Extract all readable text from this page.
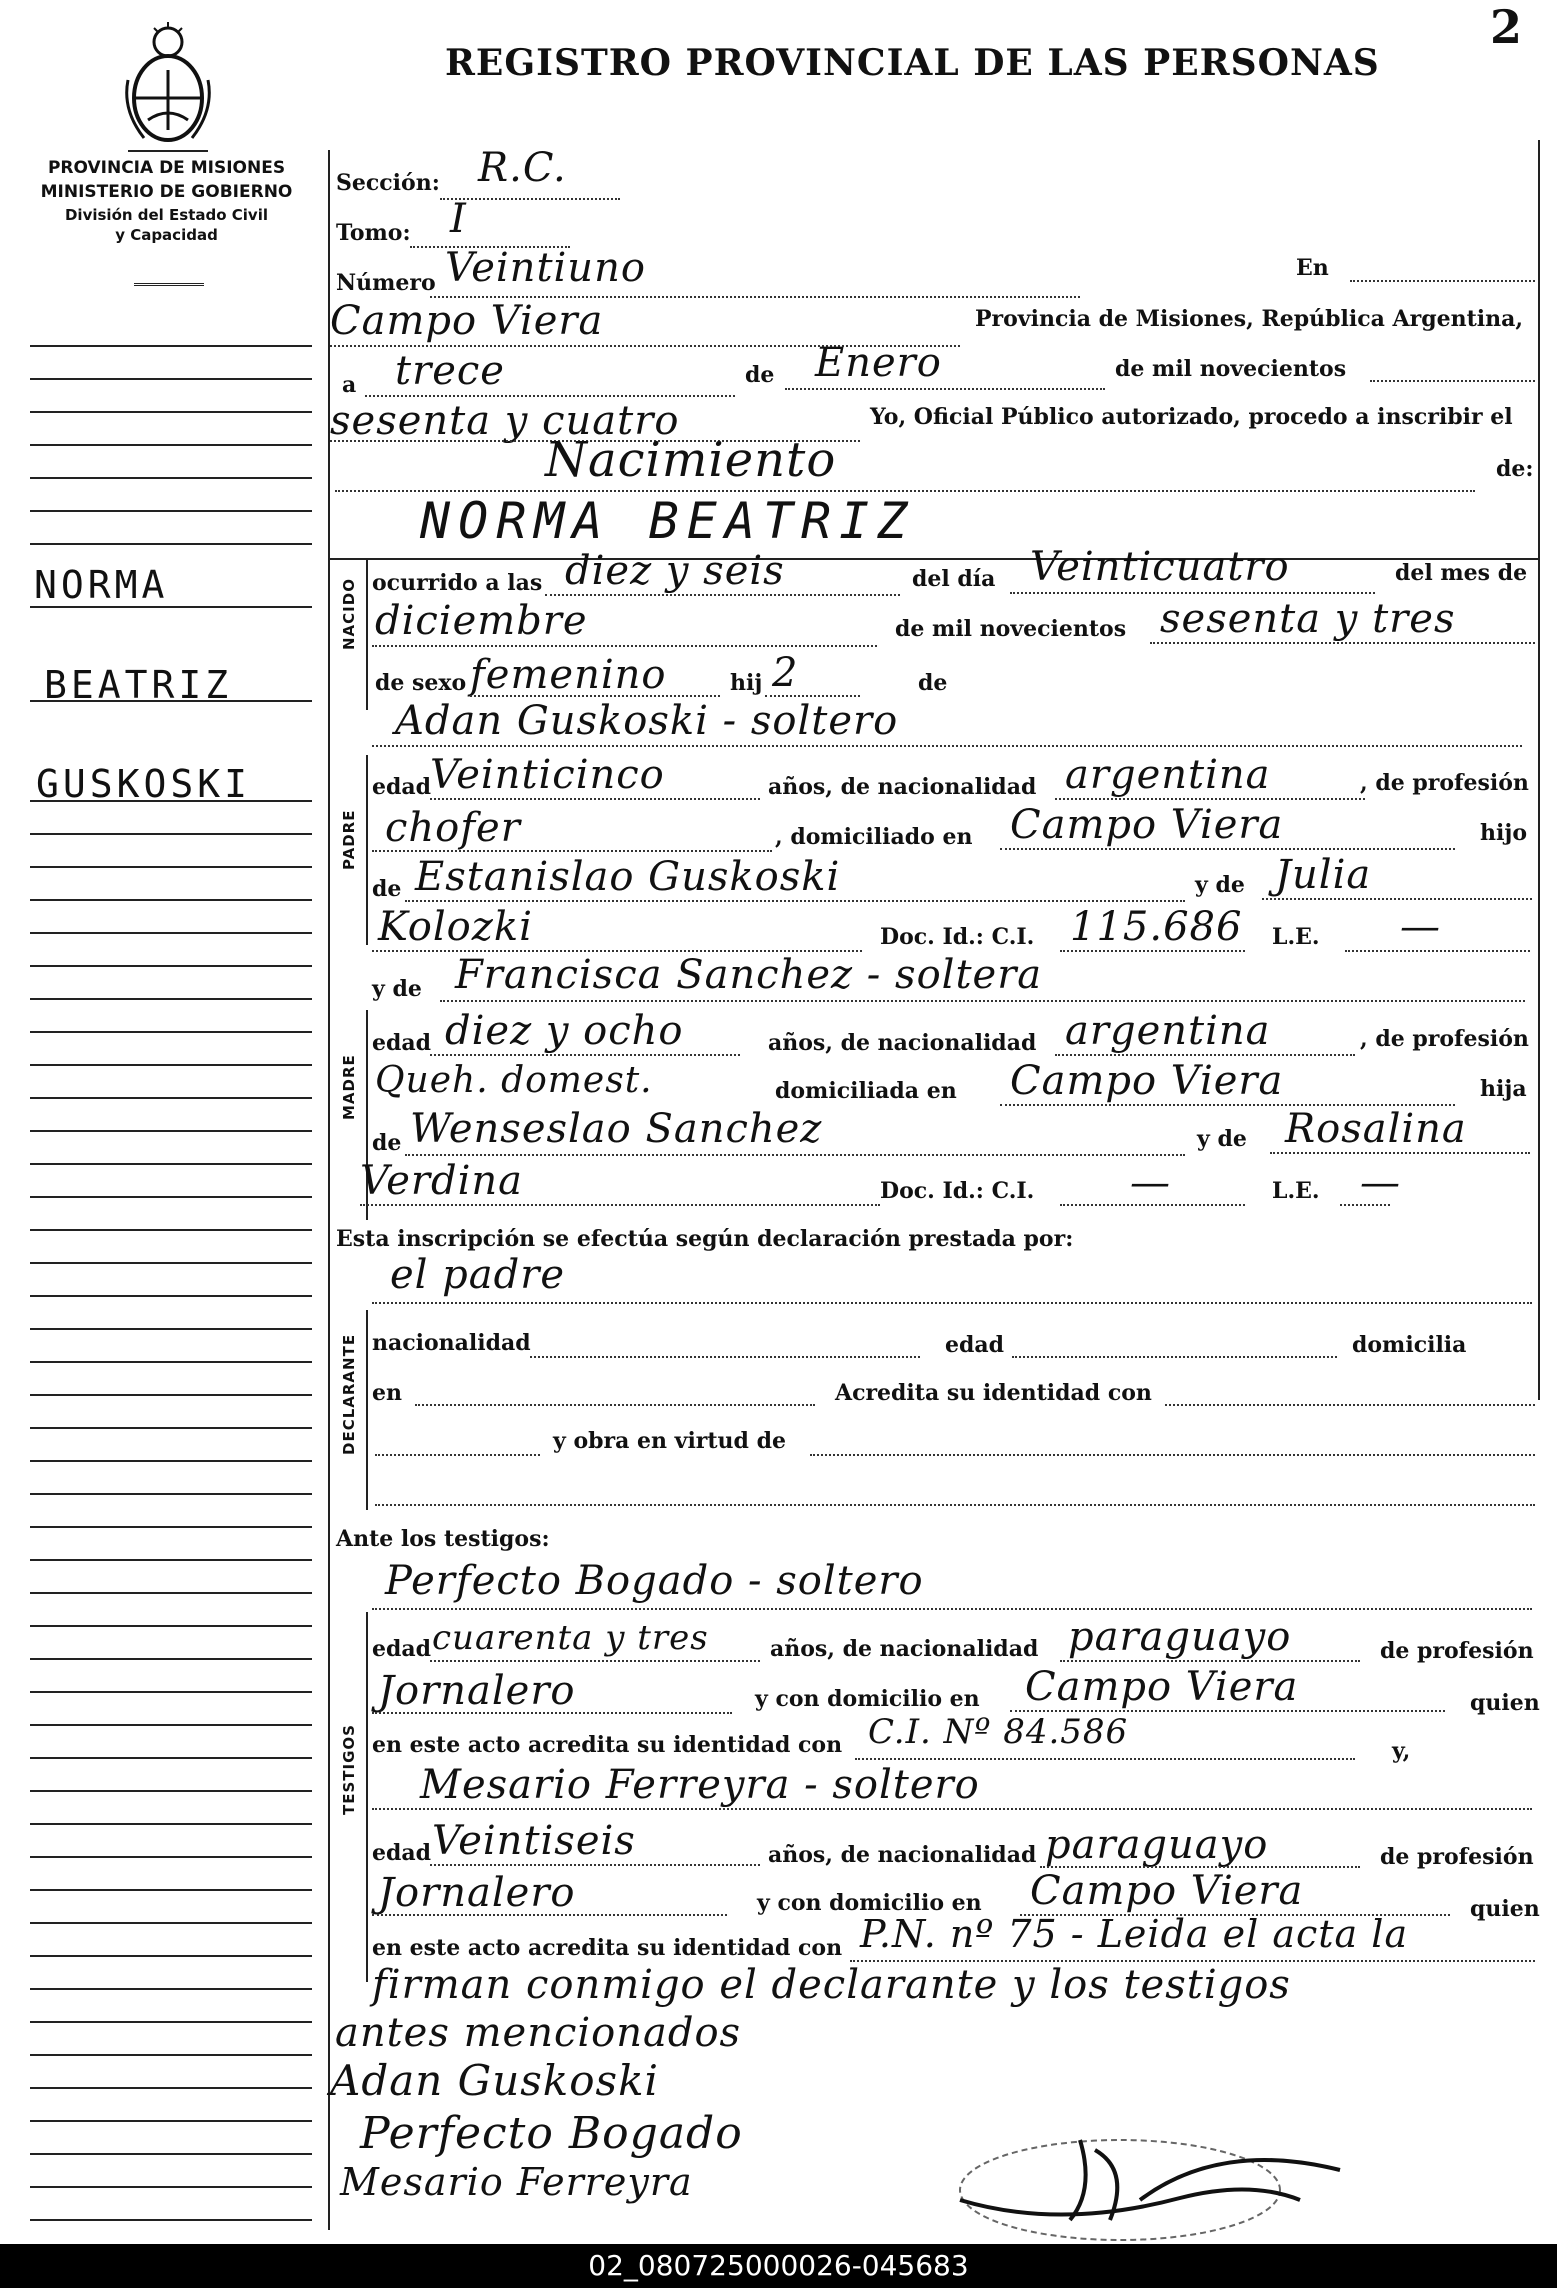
2
REGISTRO PROVINCIAL DE LAS PERSONAS
PROVINCIA DE MISIONES
MINISTERIO DE GOBIERNO
División del Estado Civil
y Capacidad
NORMA
BEATRIZ
GUSKOSKI
Sección: R.C.
Tomo: I
Número Veintiuno	En
Campo Viera	Provincia de Misiones, República Argentina,
a trece	de Enero	de mil novecientos
sesenta y cuatro	Yo, Oficial Público autorizado, procedo a inscribir el
Nacimiento	de:
NORMA BEATRIZ
NACIDO ocurrido a las diez y seis	del día Veinticuatro	del mes de
diciembre	de mil novecientos sesenta y tres
de sexo femenino	hij 2	de
Adan Guskoski - soltero
PADRE
edad
Veinticinco	años, de nacionalidad argentina	, de profesión
chofer	, domiciliado en Campo Viera	hijo
de Estanislao Guskoski	y de Julia
Kolozki	Doc. Id.: C.I. 115.686 L.E. —
y de Francisca Sanchez - soltera
MADRE
edad diez y ocho	años, de nacionalidad argentina	, de profesión
Queh. domest.	domiciliada en Campo Viera	hija
de Wenseslao Sanchez	y de Rosalina
Verdina	Doc. Id.: C.I. —	L.E. —
Esta inscripción se efectúa según declaración prestada por:
el padre
DECLARANTE nacionalidad	edad	domicilia
en	Acredita su identidad con
y obra en virtud de
Ante los testigos:
Perfecto Bogado - soltero
TESTIGOS
edad cuarenta y tres	años, de nacionalidad paraguayo	de profesión
Jornalero	y con domicilio en Campo Viera	quien
en este acto acredita su identidad con C.I. Nº 84.586	y,
Mesario Ferreyra - soltero
edad Veintiseis	años, de nacionalidad paraguayo	de profesión
Jornalero	y con domicilio en Campo Viera	quien
en este acto acredita su identidad con P.N. nº 75 - Leida el acta la
firman conmigo el declarante y los testigos
antes mencionados
Adan Guskoski
Perfecto Bogado
Mesario Ferreyra
02_080725000026-045683
